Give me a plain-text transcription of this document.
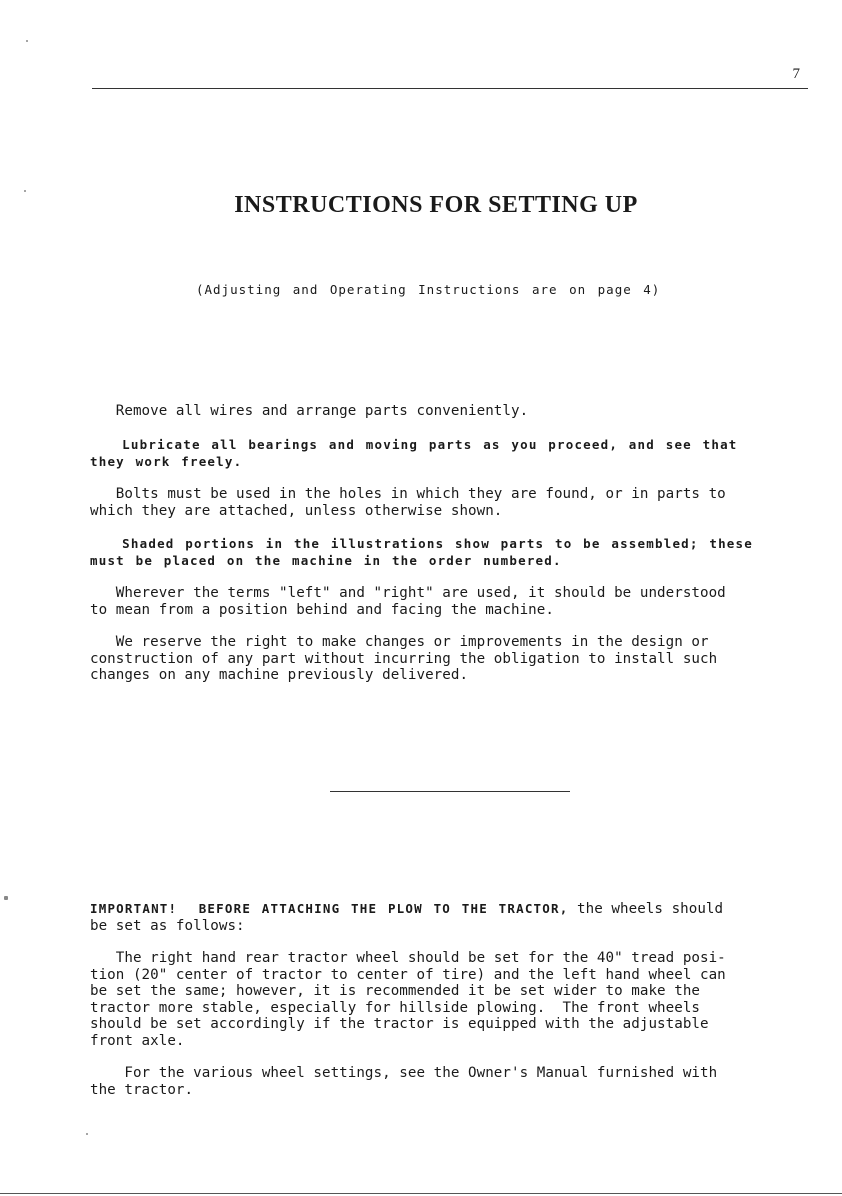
7
INSTRUCTIONS FOR SETTING UP
(Adjusting and Operating Instructions are on page 4)

Remove all wires and arrange parts conveniently.

Lubricate all bearings and moving parts as you proceed, and see that
they work freely.

Bolts must be used in the holes in which they are found, or in parts to
which they are attached, unless otherwise shown.

Shaded portions in the illustrations show parts to be assembled; these
must be placed on the machine in the order numbered.

Wherever the terms "left" and "right" are used, it should be understood
to mean from a position behind and facing the machine.

We reserve the right to make changes or improvements in the design or
construction of any part without incurring the obligation to install such
changes on any machine previously delivered.

IMPORTANT!  BEFORE ATTACHING THE PLOW TO THE TRACTOR, the wheels should
be set as follows:

The right hand rear tractor wheel should be set for the 40" tread posi-
tion (20" center of tractor to center of tire) and the left hand wheel can
be set the same; however, it is recommended it be set wider to make the
tractor more stable, especially for hillside plowing.  The front wheels
should be set accordingly if the tractor is equipped with the adjustable
front axle.

For the various wheel settings, see the Owner's Manual furnished with
the tractor.
